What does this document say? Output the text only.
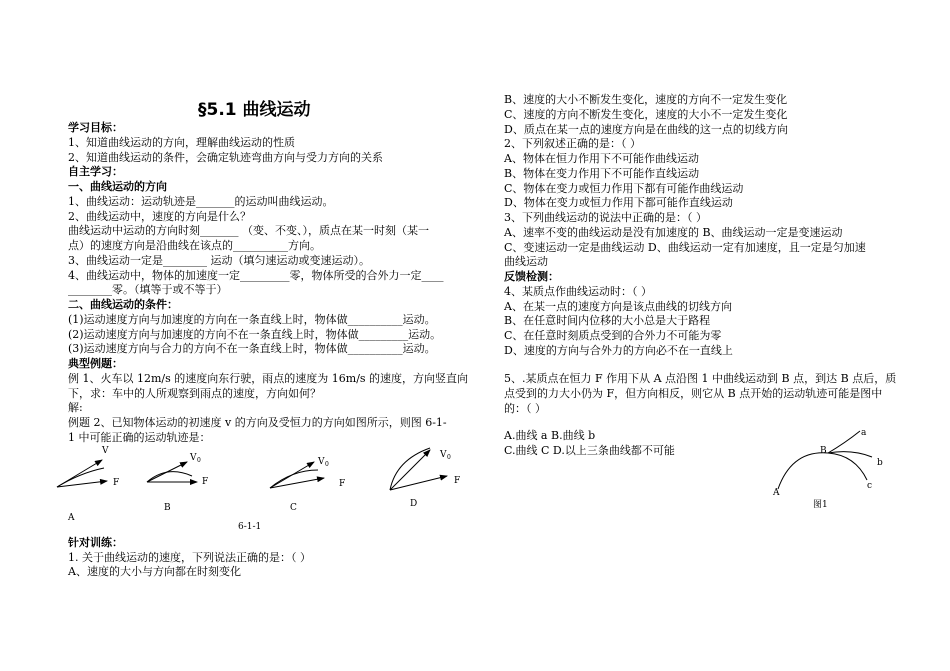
§5.1 曲线运动
学习目标：
1、知道曲线运动的方向，理解曲线运动的性质
2、知道曲线运动的条件，会确定轨迹弯曲方向与受力方向的关系
自主学习：
一、曲线运动的方向
1、曲线运动：运动轨迹是_______的运动叫曲线运动。
2、曲线运动中，速度的方向是什么？
曲线运动中运动的方向时刻_______ （变、不变、），质点在某一时刻（某一
点）的速度方向是沿曲线在该点的__________方向。
3、曲线运动一定是________ 运动（填匀速运动或变速运动）。
4、曲线运动中，物体的加速度一定_________零，物体所受的合外力一定____
________零。（填等于或不等于）
二、曲线运动的条件：
(1)运动速度方向与加速度的方向在一条直线上时，物体做__________运动。
(2)运动速度方向与加速度的方向不在一条直线上时，物体做_________运动。
(3)运动速度方向与合力的方向不在一条直线上时，物体做__________运动。
典型例题：
例 1、火车以 12m/s 的速度向东行驶，雨点的速度为 16m/s 的速度，方向竖直向
下，求：车中的人所观察到雨点的速度，方向如何？
解:
例题 2、已知物体运动的初速度 v 的方向及受恒力的方向如图所示，则图 6-1-
1 中可能正确的运动轨迹是：
针对训练：
1. 关于曲线运动的速度，下列说法正确的是：（ ）
A、速度的大小与方向都在时刻变化
V
F
A
V 0
F
B
V 0
F
C
V 0
F
D
6-1-1
B、速度的大小不断发生变化，速度的方向不一定发生变化
C、速度的方向不断发生变化，速度的大小不一定发生变化
D、质点在某一点的速度方向是在曲线的这一点的切线方向
2、下列叙述正确的是：（ ）
A、物体在恒力作用下不可能作曲线运动
B、物体在变力作用下不可能作直线运动
C、物体在变力或恒力作用下都有可能作曲线运动
D、物体在变力或恒力作用下都可能作直线运动
3、下列曲线运动的说法中正确的是：（ ）
A、速率不变的曲线运动是没有加速度的 B、曲线运动一定是变速运动
C、变速运动一定是曲线运动 D、曲线运动一定有加速度，且一定是匀加速
曲线运动
反馈检测：
4、某质点作曲线运动时：（ ）
A、在某一点的速度方向是该点曲线的切线方向
B、在任意时间内位移的大小总是大于路程
C、在任意时刻质点受到的合外力不可能为零
D、速度的方向与合外力的方向必不在一直线上
5、.某质点在恒力 F 作用下从 A 点沿图 1 中曲线运动到 B 点，到达 B 点后，质
点受到的力大小仍为 F，但方向相反，则它从 B 点开始的运动轨迹可能是图中
的：（ ）
A.曲线 a B.曲线 b
C.曲线 C D.以上三条曲线都不可能
A
B
a
b
c
图1
